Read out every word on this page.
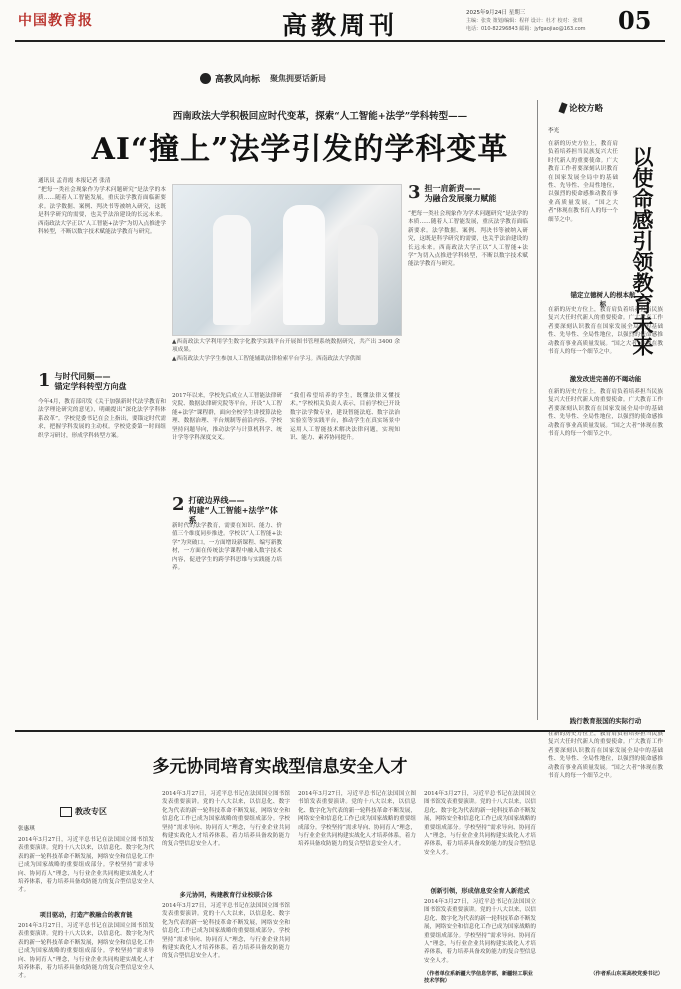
中国教育报	高教周刊	2025年9月24日 星期三
主编：张贵 策划/编辑：程祥 设计：杜才 校对：张琪
电话：010-82296843 邮箱：jyfgaojiao@163.com 05
高教风向标 聚焦拥要话新局
西南政法大学积极回应时代变革，探索“人工智能+法学”学科转型——
AI“撞上”法学引发的学科变革
通讯员 孟青霞 本报记者 张清
“把每一类社会现象作为学术问题研究”是法学的本质……随着人工智能发展，重庆法学教育面临新要求。法学数据、案例、判决书等被纳入研究，这既是科学研究的需要，也关乎法治建设的长远未来。西南政法大学正以“人工智能+法学”为切入点推进学科转型，不断以数字技术赋能法学教育与研究。
1 与时代同频——
锚定学科转型方向盘
今年4月，教育部印发《关于加强新时代法学教育和法学理论研究的意见》，明确提出“深化法学学科体系改革”。学校党委书记在会上指出，要锚定时代需求，把握学科发展的主动权。学校党委第一时间组织学习研讨，形成学科转型方案。
▲西南政法大学利用学生数字化教学实践平台开展图书管理系统数据研究，共产出 3400 余项成果。
▲西南政法大学学生参加人工智能辅助法律检索平台学习。西南政法大学供图
2017年以来，学校先后成立人工智能法律研究院、数据法律研究院等平台，开设“人工智能+法学”课程群，面向全校学生讲授算法伦理、数据治理、平台规制等前沿内容。学校坚持问题导向，推动法学与计算机科学、统计学等学科深度交叉。
2 打破边界线——
构建“人工智能+法学”体系
新时代的法学教育，需要在知识、能力、价值三个维度同步推进。学校以“人工智能+法学”为突破口，一方面增设新课程、编写新教材，一方面在传统法学课程中融入数字技术内容，促进学生的跨学科思维与实践能力培养。
“我们希望培养的学生，既懂法律又懂技术。”学校相关负责人表示，目前学校已开设数字法学微专业，建设智能法庭、数字法治实验室等实践平台，推动学生在真实场景中运用人工智能技术解决法律问题，实现知识、能力、素养协同提升。
3 担一肩新责——
为融合发展聚力赋能
“把每一类社会现象作为学术问题研究”是法学的本质……随着人工智能发展，重庆法学教育面临新要求。法学数据、案例、判决书等被纳入研究，这既是科学研究的需要，也关乎法治建设的长远未来。西南政法大学正以“人工智能+法学”为切入点推进学科转型，不断以数字技术赋能法学教育与研究。
论校方略
李光
在新的历史方位上，教育肩负着培养担当民族复兴大任时代新人的重要使命。广大教育工作者要深刻认识教育在国家发展全局中的基础性、先导性、全局性地位，以强烈的使命感推动教育事业高质量发展。“国之大者”体现在教书育人的每一个细节之中。	以使命感引领教育未来
锚定立德树人的根本航标
在新的历史方位上，教育肩负着培养担当民族复兴大任时代新人的重要使命。广大教育工作者要深刻认识教育在国家发展全局中的基础性、先导性、全局性地位，以强烈的使命感推动教育事业高质量发展。“国之大者”体现在教书育人的每一个细节之中。
激发改进完善的不竭动能
在新的历史方位上，教育肩负着培养担当民族复兴大任时代新人的重要使命。广大教育工作者要深刻认识教育在国家发展全局中的基础性、先导性、全局性地位，以强烈的使命感推动教育事业高质量发展。“国之大者”体现在教书育人的每一个细节之中。
多元协同培育实战型信息安全人才
教改专区
张惠琪
2014年3月27日，习近平总书记在法国国立图书馆发表重要演讲。党的十八大以来，以信息化、数字化为代表的新一轮科技革命不断发展，网络安全和信息化工作已成为国家战略的重要组成部分。学校坚持“需求导向、协同育人”理念，与行业企业共同构建实战化人才培养体系，着力培养具备攻防能力的复合型信息安全人才。
项目驱动，打造产教融合的教育链
2014年3月27日，习近平总书记在法国国立图书馆发表重要演讲。党的十八大以来，以信息化、数字化为代表的新一轮科技革命不断发展，网络安全和信息化工作已成为国家战略的重要组成部分。学校坚持“需求导向、协同育人”理念，与行业企业共同构建实战化人才培养体系，着力培养具备攻防能力的复合型信息安全人才。
2014年3月27日，习近平总书记在法国国立图书馆发表重要演讲。党的十八大以来，以信息化、数字化为代表的新一轮科技革命不断发展，网络安全和信息化工作已成为国家战略的重要组成部分。学校坚持“需求导向、协同育人”理念，与行业企业共同构建实战化人才培养体系，着力培养具备攻防能力的复合型信息安全人才。
多元协同，构建教育行业校联合体
2014年3月27日，习近平总书记在法国国立图书馆发表重要演讲。党的十八大以来，以信息化、数字化为代表的新一轮科技革命不断发展，网络安全和信息化工作已成为国家战略的重要组成部分。学校坚持“需求导向、协同育人”理念，与行业企业共同构建实战化人才培养体系，着力培养具备攻防能力的复合型信息安全人才。
2014年3月27日，习近平总书记在法国国立图书馆发表重要演讲。党的十八大以来，以信息化、数字化为代表的新一轮科技革命不断发展，网络安全和信息化工作已成为国家战略的重要组成部分。学校坚持“需求导向、协同育人”理念，与行业企业共同构建实战化人才培养体系，着力培养具备攻防能力的复合型信息安全人才。
2014年3月27日，习近平总书记在法国国立图书馆发表重要演讲。党的十八大以来，以信息化、数字化为代表的新一轮科技革命不断发展，网络安全和信息化工作已成为国家战略的重要组成部分。学校坚持“需求导向、协同育人”理念，与行业企业共同构建实战化人才培养体系，着力培养具备攻防能力的复合型信息安全人才。
创新引领，形成信息安全育人新范式
2014年3月27日，习近平总书记在法国国立图书馆发表重要演讲。党的十八大以来，以信息化、数字化为代表的新一轮科技革命不断发展，网络安全和信息化工作已成为国家战略的重要组成部分。学校坚持“需求导向、协同育人”理念，与行业企业共同构建实战化人才培养体系，着力培养具备攻防能力的复合型信息安全人才。
（作者单位系新疆大学信息学部，新疆轻工职业技术学院）
践行教育报国的实际行动
在新的历史方位上，教育肩负着培养担当民族复兴大任时代新人的重要使命。广大教育工作者要深刻认识教育在国家发展全局中的基础性、先导性、全局性地位，以强烈的使命感推动教育事业高质量发展。“国之大者”体现在教书育人的每一个细节之中。
（作者系山东某高校党委书记）
